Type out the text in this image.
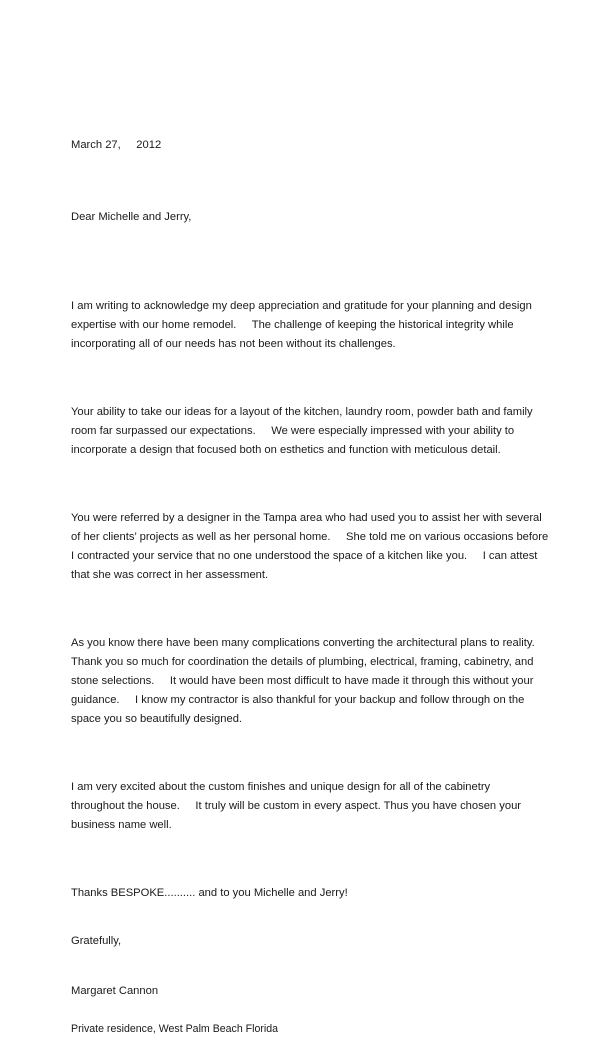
March 27,     2012

Dear Michelle and Jerry,

I am writing to acknowledge my deep appreciation and gratitude for your planning and design
expertise with our home remodel.     The challenge of keeping the historical integrity while
incorporating all of our needs has not been without its challenges.

Your ability to take our ideas for a layout of the kitchen, laundry room, powder bath and family
room far surpassed our expectations.     We were especially impressed with your ability to
incorporate a design that focused both on esthetics and function with meticulous detail.

You were referred by a designer in the Tampa area who had used you to assist her with several
of her clients’ projects as well as her personal home.     She told me on various occasions before
I contracted your service that no one understood the space of a kitchen like you.     I can attest
that she was correct in her assessment.

As you know there have been many complications converting the architectural plans to reality.
Thank you so much for coordination the details of plumbing, electrical, framing, cabinetry, and
stone selections.     It would have been most difficult to have made it through this without your
guidance.     I know my contractor is also thankful for your backup and follow through on the
space you so beautifully designed.

I am very excited about the custom finishes and unique design for all of the cabinetry
throughout the house.     It truly will be custom in every aspect. Thus you have chosen your
business name well.

Thanks BESPOKE.......... and to you Michelle and Jerry!

Gratefully,

Margaret Cannon

Private residence, West Palm Beach Florida
